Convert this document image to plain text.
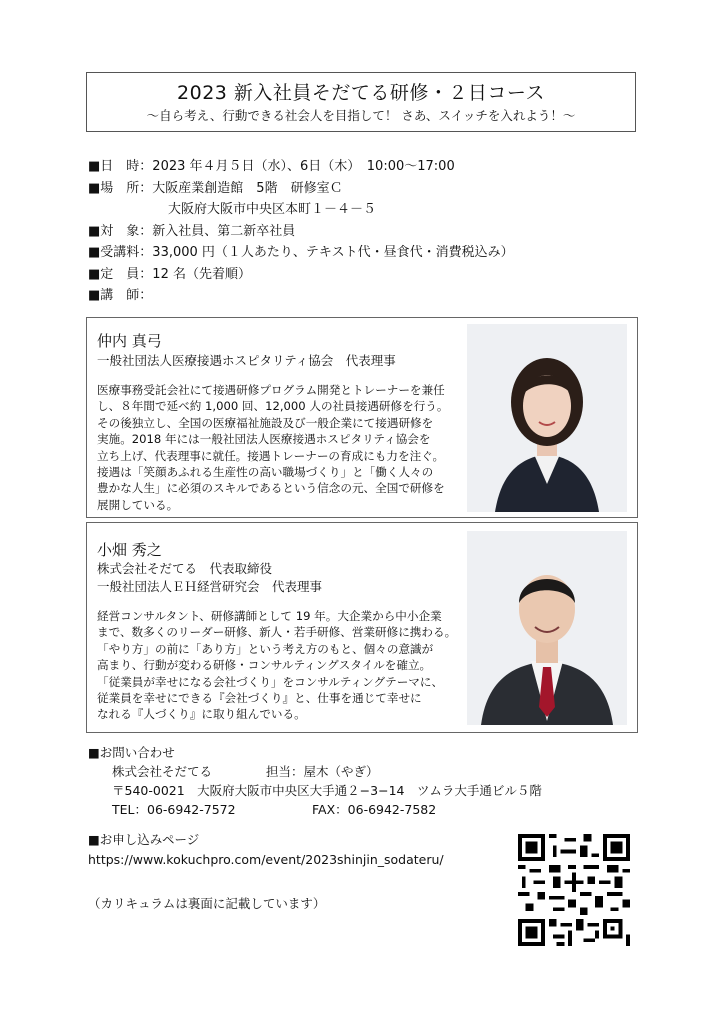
2023 新入社員そだてる研修・２日コース
～自ら考え、行動できる社会人を目指して！ さあ、スイッチを入れよう！～
■日　時：2023 年４月５日（水）、6日（木）　10:00～17:00
■場　所：大阪産業創造館　5階　研修室Ｃ
大阪府大阪市中央区本町１－４－５
■対　象：新入社員、第二新卒社員
■受講料：33,000 円（１人あたり、テキスト代・昼食代・消費税込み）
■定　員：12 名（先着順）
■講　師：
仲内 真弓
一般社団法人医療接遇ホスピタリティ協会　代表理事
医療事務受託会社にて接遇研修プログラム開発とトレーナーを兼任
し、８年間で延べ約 1,000 回、12,000 人の社員接遇研修を行う。
その後独立し、全国の医療福祉施設及び一般企業にて接遇研修を
実施。2018 年には一般社団法人医療接遇ホスピタリティ協会を
立ち上げ、代表理事に就任。接遇トレーナーの育成にも力を注ぐ。
接遇は「笑顔あふれる生産性の高い職場づくり」と「働く人々の
豊かな人生」に必須のスキルであるという信念の元、全国で研修を
展開している。
小畑 秀之
株式会社そだてる　代表取締役
一般社団法人ＥＨ経営研究会　代表理事
経営コンサルタント、研修講師として 19 年。大企業から中小企業
まで、数多くのリーダー研修、新人・若手研修、営業研修に携わる。
「やり方」の前に「あり方」という考え方のもと、個々の意識が
高まり、行動が変わる研修・コンサルティングスタイルを確立。
「従業員が幸せになる会社づくり」をコンサルティングテーマに、
従業員を幸せにできる『会社づくり』と、仕事を通じて幸せに
なれる『人づくり』に取り組んでいる。
■お問い合わせ
株式会社そだてる	担当：屋木（やぎ）
〒540-0021　大阪府大阪市中央区大手通２−3−14　ツムラ大手通ビル５階
TEL：06-6942-7572	FAX：06-6942-7582
■お申し込みページ
https://www.kokuchpro.com/event/2023shinjin_sodateru/
（カリキュラムは裏面に記載しています）
